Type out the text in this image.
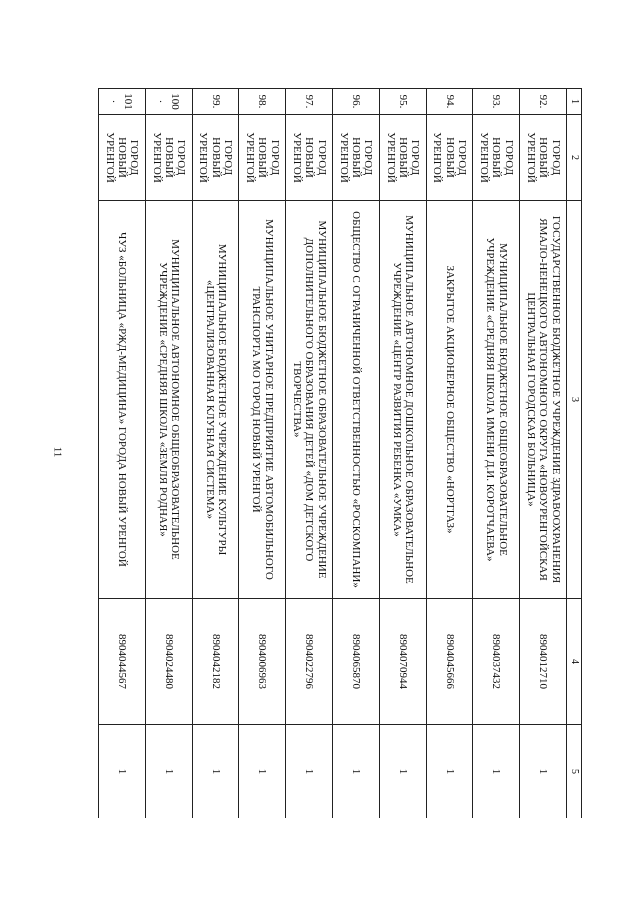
11
1	2	3	4	5
92.	ГОРОД НОВЫЙ УРЕНГОЙ	ГОСУДАРСТВЕННОЕ БЮДЖЕТНОЕ УЧРЕЖДЕНИЕ ЗДРАВООХРАНЕНИЯ ЯМАЛО-НЕНЕЦКОГО АВТОНОМНОГО ОКРУГА «НОВОУРЕНГОЙСКАЯ ЦЕНТРАЛЬНАЯ ГОРОДСКАЯ БОЛЬНИЦА»	8904012710	1
93.	ГОРОД НОВЫЙ УРЕНГОЙ	МУНИЦИПАЛЬНОЕ БЮДЖЕТНОЕ ОБЩЕОБРАЗОВАТЕЛЬНОЕ УЧРЕЖДЕНИЕ «СРЕДНЯЯ ШКОЛА ИМЕНИ Д.И. КОРОТЧАЕВА»	8904037432	1
94.	ГОРОД НОВЫЙ УРЕНГОЙ	ЗАКРЫТОЕ АКЦИОНЕРНОЕ ОБЩЕСТВО «НОРТГАЗ»	8904045666	1
95.	ГОРОД НОВЫЙ УРЕНГОЙ	МУНИЦИПАЛЬНОЕ АВТОНОМНОЕ ДОШКОЛЬНОЕ ОБРАЗОВАТЕЛЬНОЕ УЧРЕЖДЕНИЕ «ЦЕНТР РАЗВИТИЯ РЕБЕНКА «УМКА»	8904070944	1
96.	ГОРОД НОВЫЙ УРЕНГОЙ	ОБЩЕСТВО С ОГРАНИЧЕННОЙ ОТВЕТСТВЕННОСТЬЮ «РОСКОМПАНИ»	8904065870	1
97.	ГОРОД НОВЫЙ УРЕНГОЙ	МУНИЦИПАЛЬНОЕ БЮДЖЕТНОЕ ОБРАЗОВАТЕЛЬНОЕ УЧРЕЖДЕНИЕ ДОПОЛНИТЕЛЬНОГО ОБРАЗОВАНИЯ ДЕТЕЙ «ДОМ ДЕТСКОГО ТВОРЧЕСТВА»	8904022796	1
98.	ГОРОД НОВЫЙ УРЕНГОЙ	МУНИЦИПАЛЬНОЕ УНИТАРНОЕ ПРЕДПРИЯТИЕ АВТОМОБИЛЬНОГО ТРАНСПОРТА МО ГОРОД НОВЫЙ УРЕНГОЙ	8904006963	1
99.	ГОРОД НОВЫЙ УРЕНГОЙ	МУНИЦИПАЛЬНОЕ БЮДЖЕТНОЕ УЧРЕЖДЕНИЕ КУЛЬТУРЫ «ЦЕНТРАЛИЗОВАННАЯ КЛУБНАЯ СИСТЕМА»	8904042182	1
100.	ГОРОД НОВЫЙ УРЕНГОЙ	МУНИЦИПАЛЬНОЕ АВТОНОМНОЕ ОБЩЕОБРАЗОВАТЕЛЬНОЕ УЧРЕЖДЕНИЕ «СРЕДНЯЯ ШКОЛА «ЗЕМЛЯ РОДНАЯ»	8904024480	1
101.	ГОРОД НОВЫЙ УРЕНГОЙ	ЧУЗ «БОЛЬНИЦА «РЖД-МЕДИЦИНА» ГОРОДА НОВЫЙ УРЕНГОЙ	8904044567	1
